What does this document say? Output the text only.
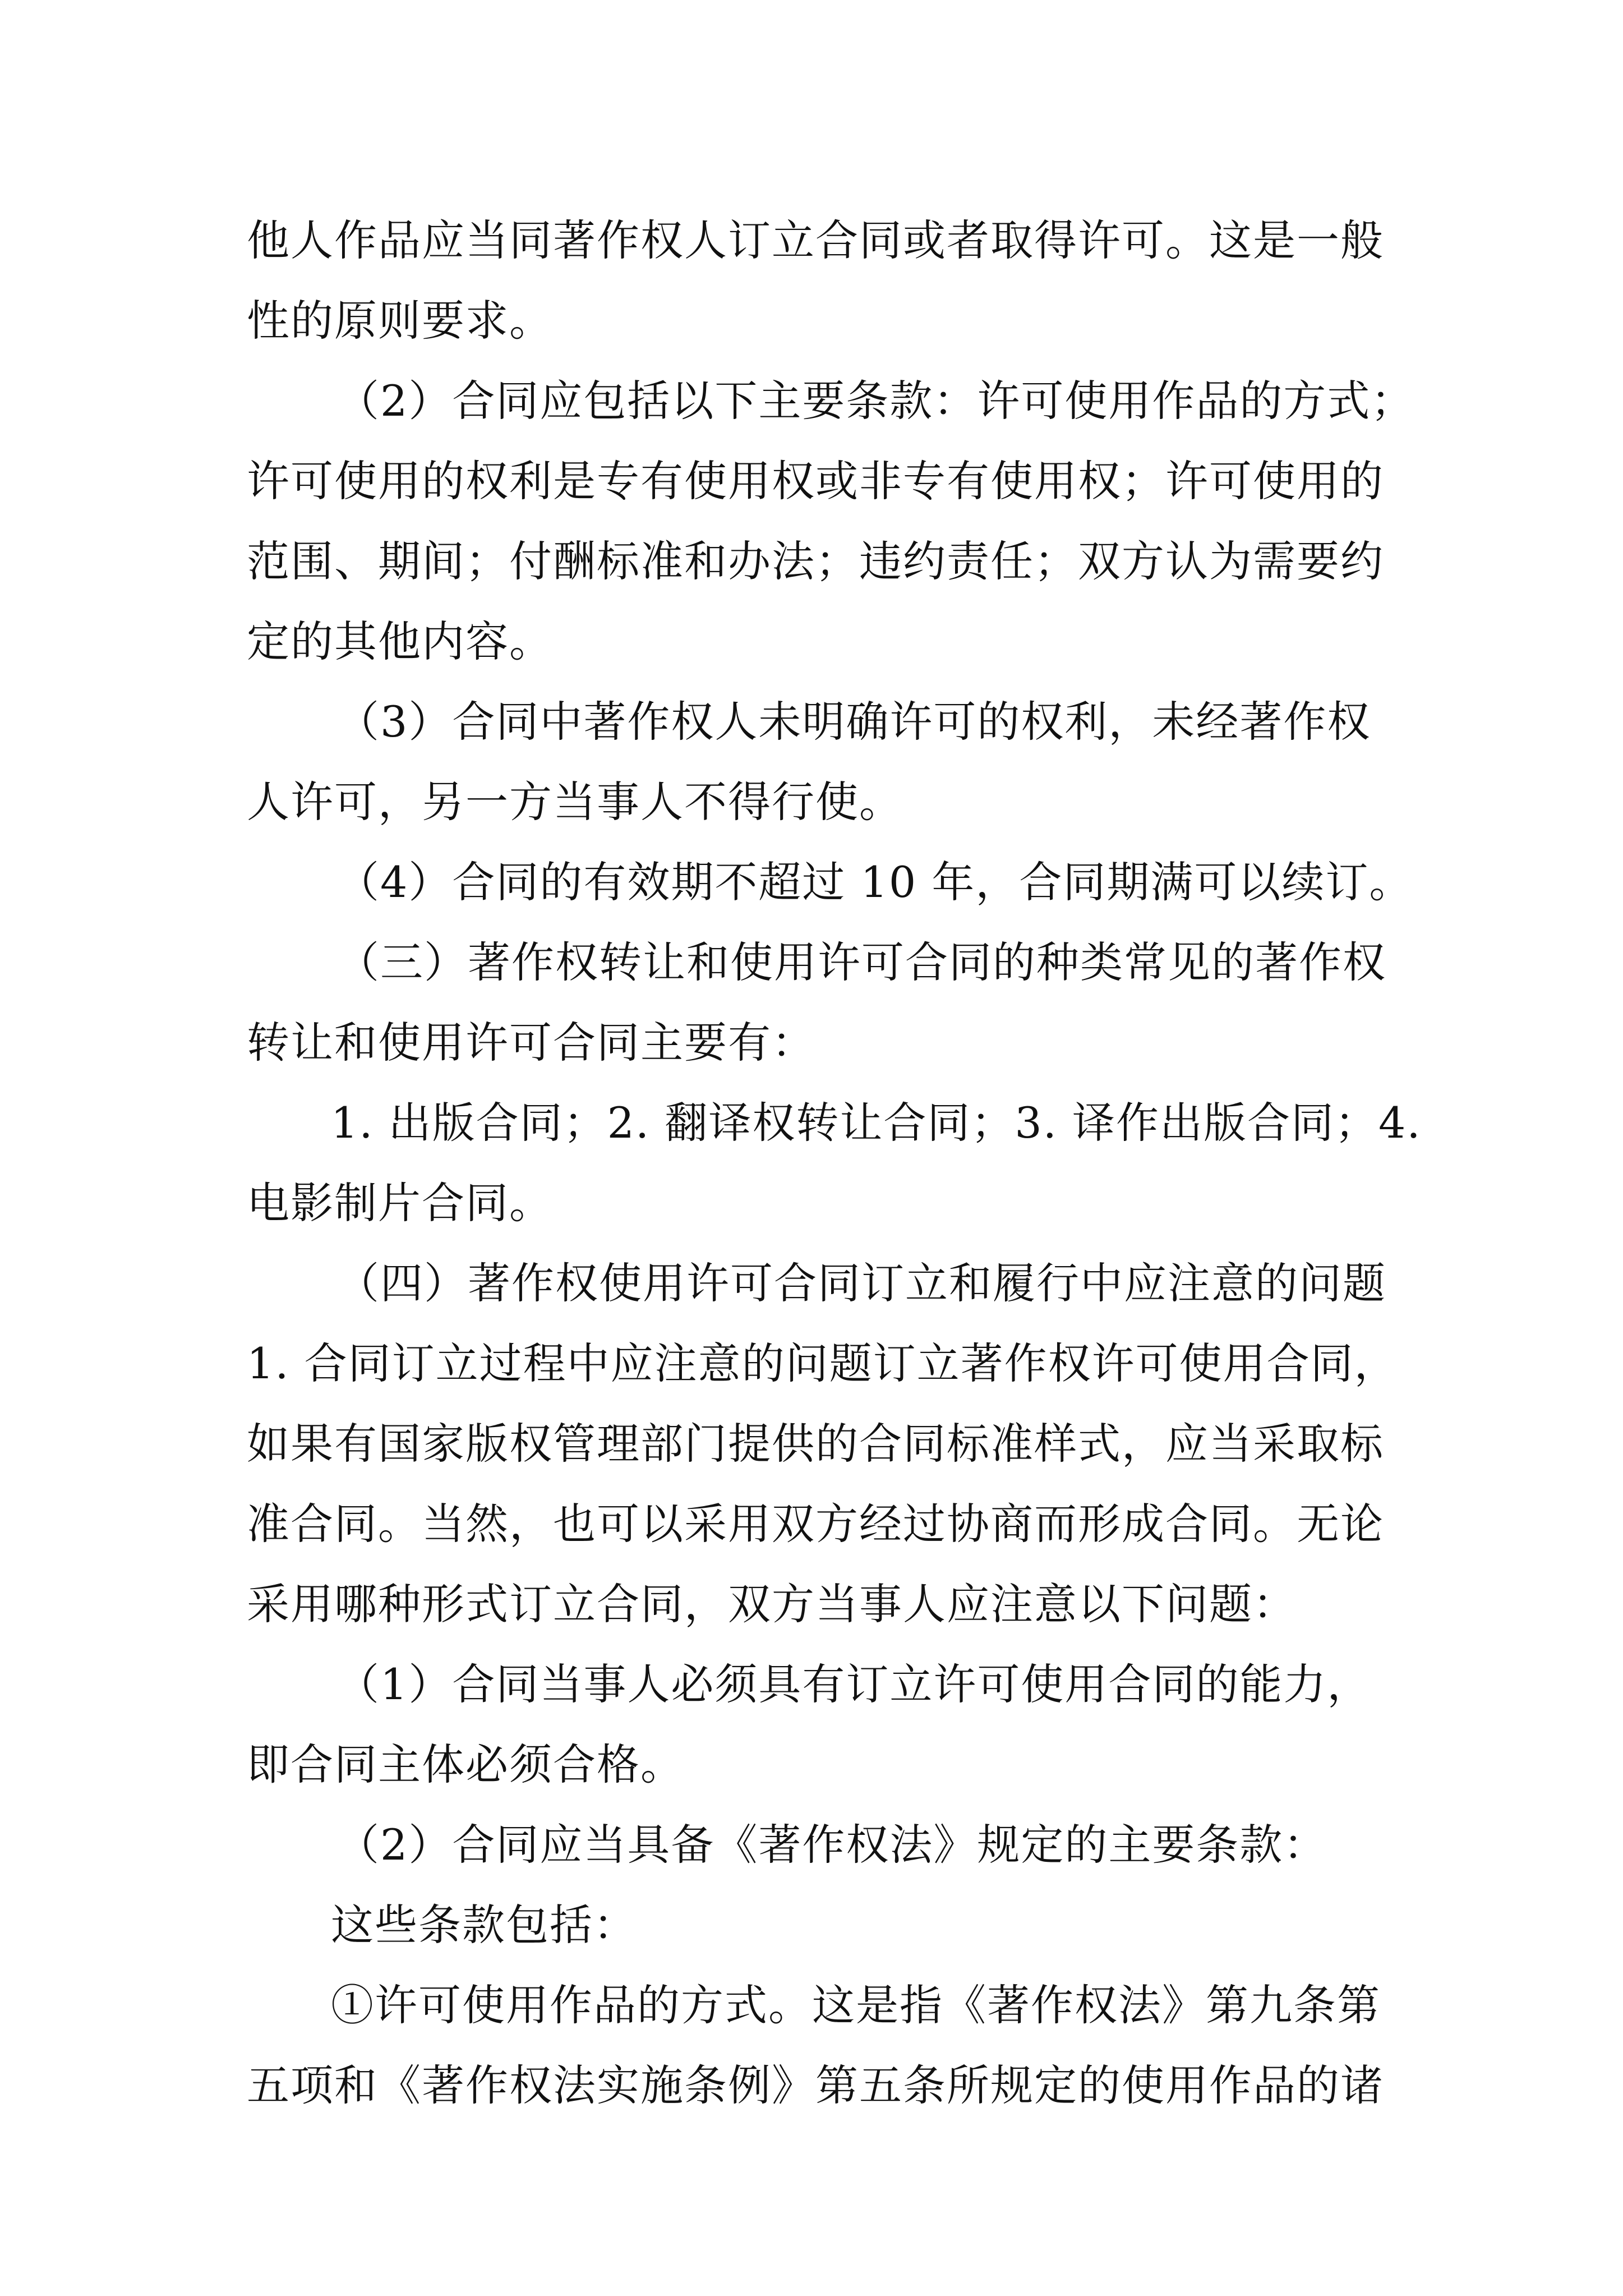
他人作品应当同著作权人订立合同或者取得许可。这是一般
性的原则要求。
（2）合同应包括以下主要条款：许可使用作品的方式；
许可使用的权利是专有使用权或非专有使用权；许可使用的
范围、期间；付酬标准和办法；违约责任；双方认为需要约
定的其他内容。
（3）合同中著作权人未明确许可的权利，未经著作权
人许可，另一方当事人不得行使。
（4）合同的有效期不超过 10 年，合同期满可以续订。
（三）著作权转让和使用许可合同的种类常见的著作权
转让和使用许可合同主要有：
1. 出版合同；2. 翻译权转让合同；3. 译作出版合同；4.
电影制片合同。
（四）著作权使用许可合同订立和履行中应注意的问题
1. 合同订立过程中应注意的问题订立著作权许可使用合同，
如果有国家版权管理部门提供的合同标准样式，应当采取标
准合同。当然，也可以采用双方经过协商而形成合同。无论
采用哪种形式订立合同，双方当事人应注意以下问题：
（1）合同当事人必须具有订立许可使用合同的能力，
即合同主体必须合格。
（2）合同应当具备《著作权法》规定的主要条款：
这些条款包括：
①许可使用作品的方式。这是指《著作权法》第九条第
五项和《著作权法实施条例》第五条所规定的使用作品的诸
